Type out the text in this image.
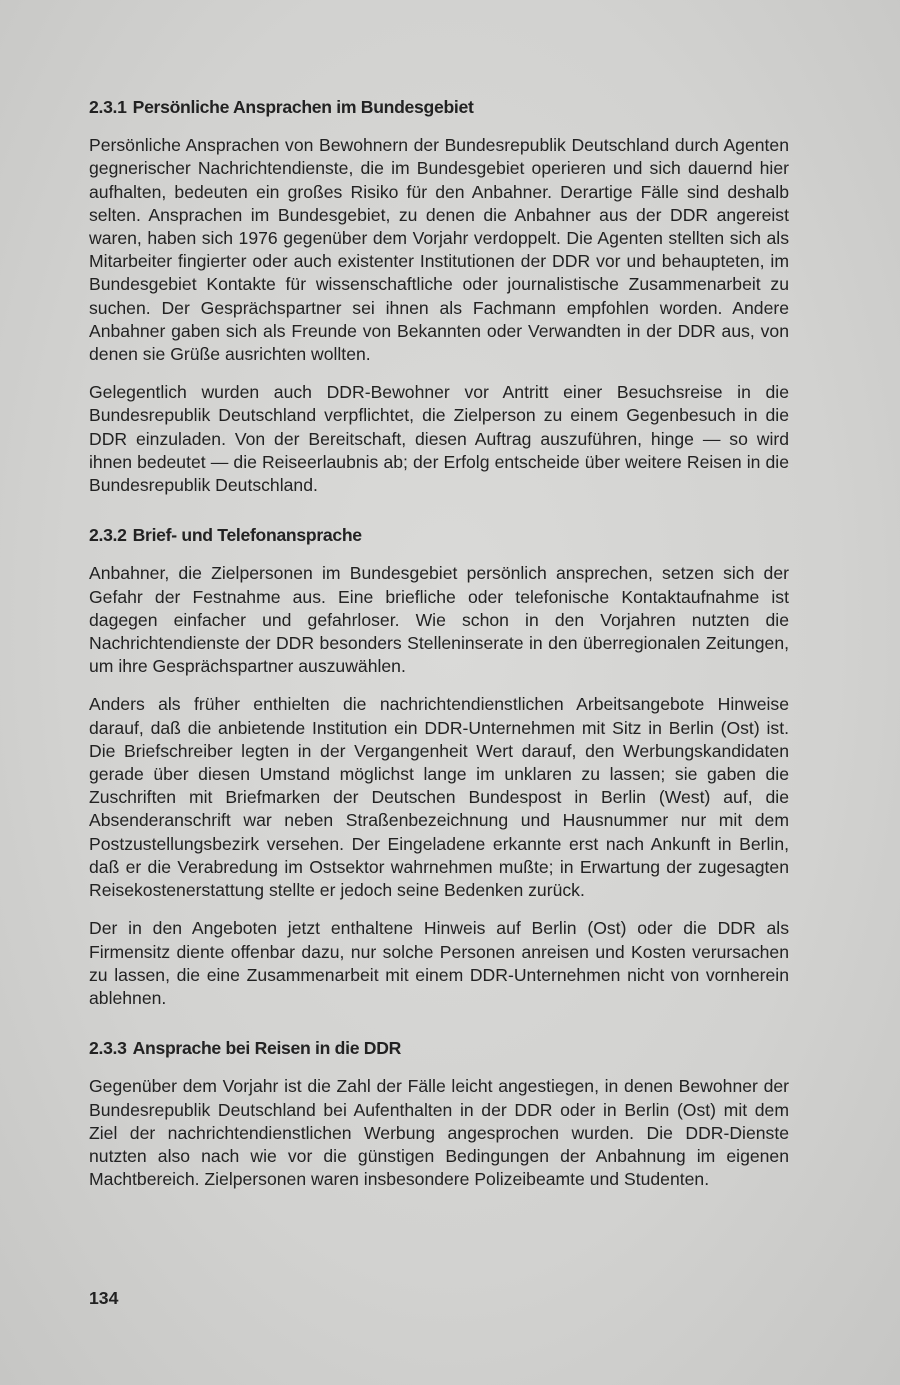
2.3.1 Persönliche Ansprachen im Bundesgebiet

Persönliche Ansprachen von Bewohnern der Bundesrepublik Deutschland durch Agenten gegnerischer Nachrichtendienste, die im Bundesgebiet operieren und sich dauernd hier aufhalten, bedeuten ein großes Risiko für den Anbahner. Derartige Fälle sind deshalb selten. Ansprachen im Bundesgebiet, zu denen die Anbahner aus der DDR angereist waren, haben sich 1976 gegenüber dem Vorjahr verdoppelt. Die Agenten stellten sich als Mitarbeiter fingierter oder auch existenter Institutionen der DDR vor und behaupteten, im Bundesgebiet Kontakte für wissenschaftliche oder journalistische Zusammenarbeit zu suchen. Der Gesprächspartner sei ihnen als Fachmann empfohlen worden. Andere Anbahner gaben sich als Freunde von Bekannten oder Verwandten in der DDR aus, von denen sie Grüße ausrichten wollten.

Gelegentlich wurden auch DDR-Bewohner vor Antritt einer Besuchsreise in die Bundesrepublik Deutschland verpflichtet, die Zielperson zu einem Gegenbesuch in die DDR einzuladen. Von der Bereitschaft, diesen Auftrag auszuführen, hinge — so wird ihnen bedeutet — die Reiseerlaubnis ab; der Erfolg entscheide über weitere Reisen in die Bundesrepublik Deutschland.

2.3.2 Brief- und Telefonansprache

Anbahner, die Zielpersonen im Bundesgebiet persönlich ansprechen, setzen sich der Gefahr der Festnahme aus. Eine briefliche oder telefonische Kontaktaufnahme ist dagegen einfacher und gefahrloser. Wie schon in den Vorjahren nutzten die Nachrichtendienste der DDR besonders Stelleninserate in den überregionalen Zeitungen, um ihre Gesprächspartner auszuwählen.

Anders als früher enthielten die nachrichtendienstlichen Arbeitsangebote Hinweise darauf, daß die anbietende Institution ein DDR-Unternehmen mit Sitz in Berlin (Ost) ist. Die Briefschreiber legten in der Vergangenheit Wert darauf, den Werbungskandidaten gerade über diesen Umstand möglichst lange im unklaren zu lassen; sie gaben die Zuschriften mit Briefmarken der Deutschen Bundespost in Berlin (West) auf, die Absenderanschrift war neben Straßenbezeichnung und Hausnummer nur mit dem Postzustellungsbezirk versehen. Der Eingeladene erkannte erst nach Ankunft in Berlin, daß er die Verabredung im Ostsektor wahrnehmen mußte; in Erwartung der zugesagten Reisekostenerstattung stellte er jedoch seine Bedenken zurück.

Der in den Angeboten jetzt enthaltene Hinweis auf Berlin (Ost) oder die DDR als Firmensitz diente offenbar dazu, nur solche Personen anreisen und Kosten verursachen zu lassen, die eine Zusammenarbeit mit einem DDR-Unternehmen nicht von vornherein ablehnen.

2.3.3 Ansprache bei Reisen in die DDR

Gegenüber dem Vorjahr ist die Zahl der Fälle leicht angestiegen, in denen Bewohner der Bundesrepublik Deutschland bei Aufenthalten in der DDR oder in Berlin (Ost) mit dem Ziel der nachrichtendienstlichen Werbung angesprochen wurden. Die DDR-Dienste nutzten also nach wie vor die günstigen Bedingungen der Anbahnung im eigenen Machtbereich. Zielpersonen waren insbesondere Polizeibeamte und Studenten.

134
